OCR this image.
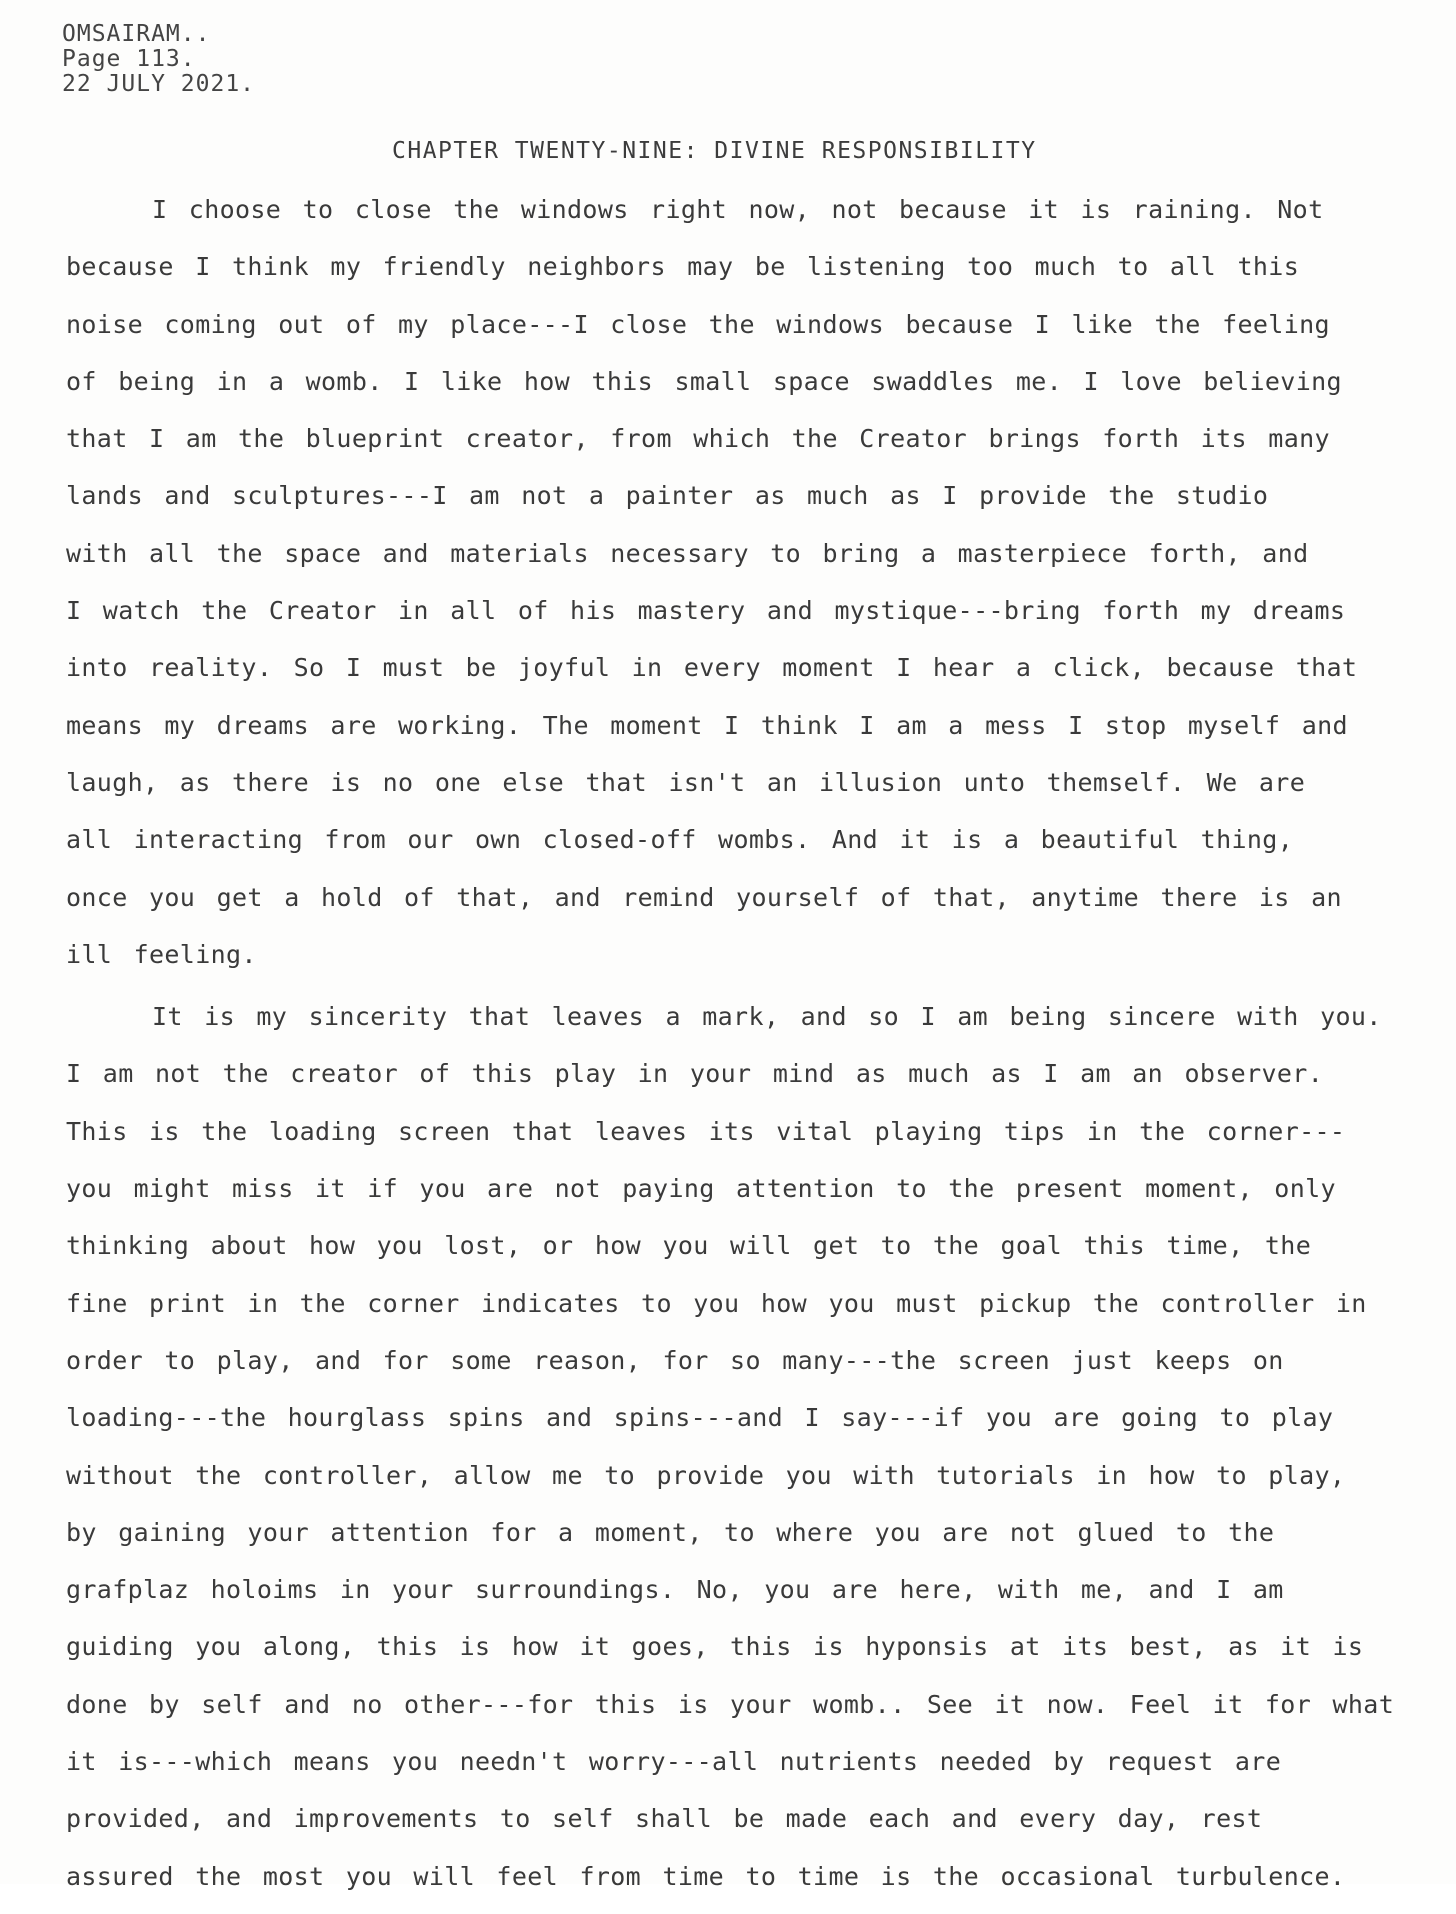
OMSAIRAM..
Page 113.
22 JULY 2021.
CHAPTER TWENTY-NINE: DIVINE RESPONSIBILITY
I choose to close the windows right now, not because it is raining. Not
because I think my friendly neighbors may be listening too much to all this
noise coming out of my place---I close the windows because I like the feeling
of being in a womb. I like how this small space swaddles me. I love believing
that I am the blueprint creator, from which the Creator brings forth its many
lands and sculptures---I am not a painter as much as I provide the studio
with all the space and materials necessary to bring a masterpiece forth, and
I watch the Creator in all of his mastery and mystique---bring forth my dreams
into reality. So I must be joyful in every moment I hear a click, because that
means my dreams are working. The moment I think I am a mess I stop myself and
laugh, as there is no one else that isn't an illusion unto themself. We are
all interacting from our own closed-off wombs. And it is a beautiful thing,
once you get a hold of that, and remind yourself of that, anytime there is an
ill feeling.
It is my sincerity that leaves a mark, and so I am being sincere with you.
I am not the creator of this play in your mind as much as I am an observer.
This is the loading screen that leaves its vital playing tips in the corner---
you might miss it if you are not paying attention to the present moment, only
thinking about how you lost, or how you will get to the goal this time, the
fine print in the corner indicates to you how you must pickup the controller in
order to play, and for some reason, for so many---the screen just keeps on
loading---the hourglass spins and spins---and I say---if you are going to play
without the controller, allow me to provide you with tutorials in how to play,
by gaining your attention for a moment, to where you are not glued to the
grafplaz holoims in your surroundings. No, you are here, with me, and I am
guiding you along, this is how it goes, this is hyponsis at its best, as it is
done by self and no other---for this is your womb.. See it now. Feel it for what
it is---which means you needn't worry---all nutrients needed by request are
provided, and improvements to self shall be made each and every day, rest
assured the most you will feel from time to time is the occasional turbulence.
